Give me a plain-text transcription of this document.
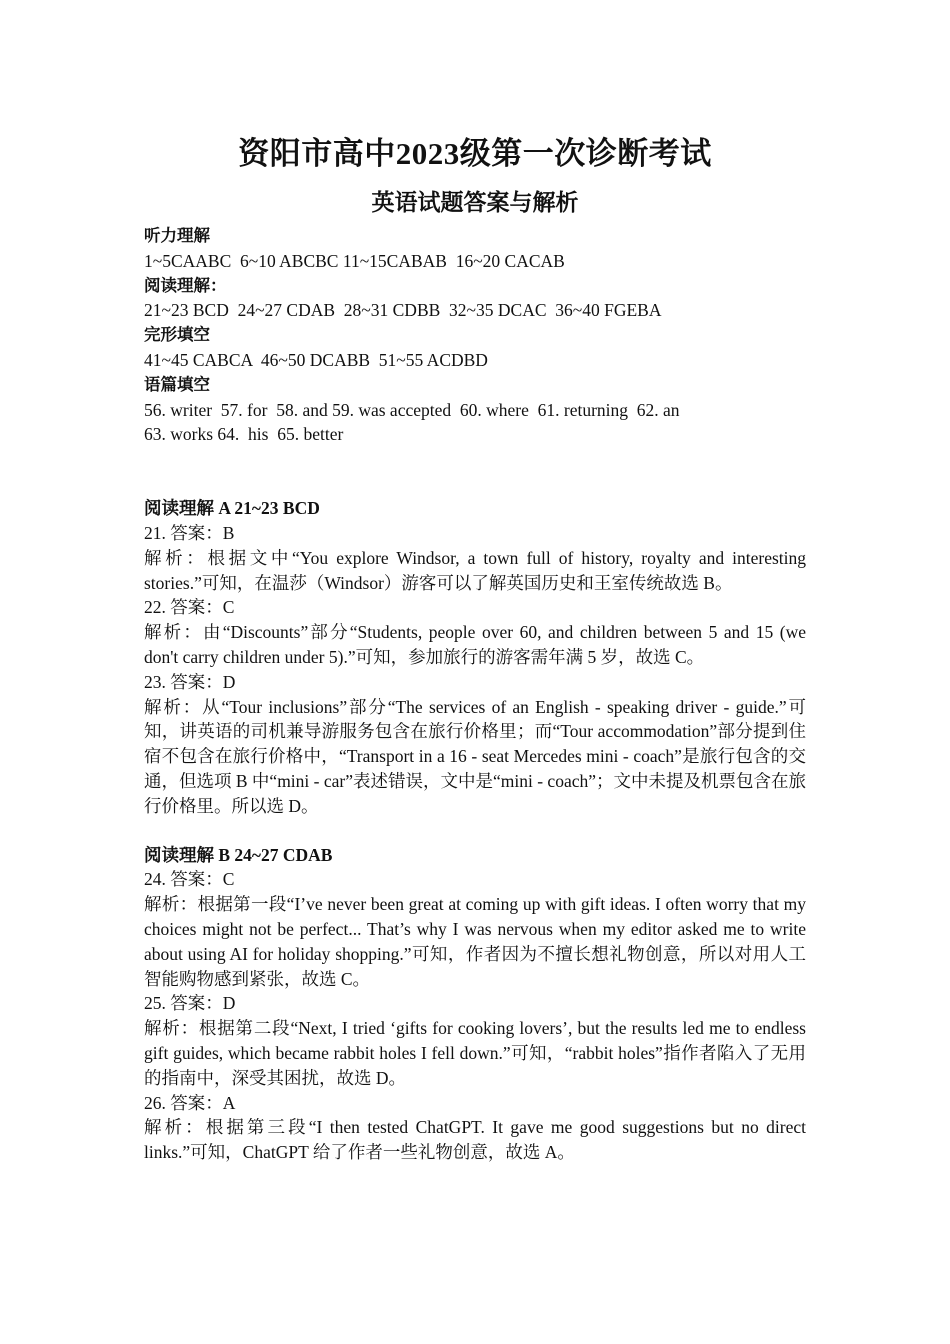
资阳市高中2023级第一次诊断考试
英语试题答案与解析
听力理解
1~5CAABC  6~10 ABCBC 11~15CABAB  16~20 CACAB
阅读理解：
21~23 BCD  24~27 CDAB  28~31 CDBB  32~35 DCAC  36~40 FGEBA
完形填空
41~45 CABCA  46~50 DCABB  51~55 ACDBD
语篇填空
56. writer  57. for  58. and 59. was accepted  60. where  61. returning  62. an
63. works 64.  his  65. better
阅读理解 A 21~23 BCD
21. 答案：B
解析：根据文中“You explore Windsor, a town full of history, royalty and interesting stories.”可知，在温莎（Windsor）游客可以了解英国历史和王室传统故选 B。
22. 答案：C
解析：由“Discounts”部分“Students, people over 60, and children between 5 and 15 (we don't carry children under 5).”可知，参加旅行的游客需年满 5 岁，故选 C。
23. 答案：D
解析：从“Tour inclusions”部分“The services of an English - speaking driver - guide.”可知，讲英语的司机兼导游服务包含在旅行价格里；而“Tour accommodation”部分提到住宿不包含在旅行价格中，“Transport in a 16 - seat Mercedes mini - coach”是旅行包含的交通，但选项 B 中“mini - car”表述错误，文中是“mini - coach”；文中未提及机票包含在旅行价格里。所以选 D。
阅读理解 B 24~27 CDAB
24. 答案：C
解析：根据第一段“I’ve never been great at coming up with gift ideas. I often worry that my choices might not be perfect... That’s why I was nervous when my editor asked me to write about using AI for holiday shopping.”可知，作者因为不擅长想礼物创意，所以对用人工智能购物感到紧张，故选 C。
25. 答案：D
解析：根据第二段“Next, I tried ‘gifts for cooking lovers’, but the results led me to endless gift guides, which became rabbit holes I fell down.”可知，“rabbit holes”指作者陷入了无用的指南中，深受其困扰，故选 D。
26. 答案：A
解析：根据第三段“I then tested ChatGPT. It gave me good suggestions but no direct links.”可知，ChatGPT 给了作者一些礼物创意，故选 A。
